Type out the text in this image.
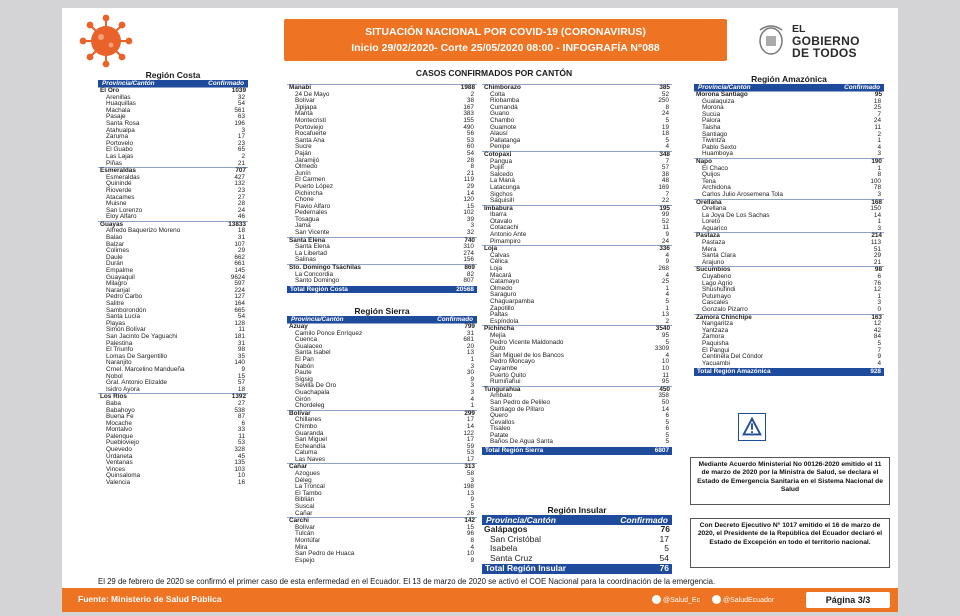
SITUACIÓN NACIONAL POR COVID-19 (CORONAVIRUS)
Inicio 29/02/2020- Corte 25/05/2020 08:00 - INFOGRAFÍA N°088
EL
GOBIERNO
DE TODOS
CASOS CONFIRMADOS POR CANTÓN
Región Costa
Provincia/Cantón	Confirmado
El Oro	1039
Arenillas	32
Huaquillas	54
Machala	561
Pasaje	63
Santa Rosa	196
Atahualpa	3
Zaruma	17
Portovelo	23
El Guabo	65
Las Lajas	2
Piñas	21
Esmeraldas	707
Esmeraldas	427
Quinindé	132
Rioverde	23
Atacames	27
Muisne	28
San Lorenzo	24
Eloy Alfaro	46
Guayas	13833
Alfredo Baquerizo Moreno	18
Balao	31
Balzar	107
Colimes	29
Daule	662
Durán	661
Empalme	145
Guayaquil	9624
Milagro	597
Naranjal	224
Pedro Carbo	127
Salitre	164
Samborondón	665
Santa Lucía	54
Playas	128
Simón Bolívar	11
San Jacinto De Yaguachi	181
Palestina	31
El Triunfo	98
Lomas De Sargentillo	35
Naranjito	140
Crnel. Marcelino Maridueña	9
Nobol	15
Gral. Antonio Elizalde	57
Isidro Ayora	18
Los Ríos	1392
Baba	27
Babahoyo	538
Buena Fe	87
Mocache	6
Montalvo	33
Palenque	11
Puebloviejo	53
Quevedo	328
Urdaneta	45
Ventanas	135
Vinces	103
Quinsaloma	10
Valencia	16
Manabí	1988
24 De Mayo	2
Bolívar	38
Jipijapa	167
Manta	383
Montecristi	155
Portoviejo	490
Rocafuerte	56
Santa Ana	53
Sucre	60
Paján	54
Jaramijó	28
Olmedo	8
Junín	21
El Carmen	119
Puerto López	29
Pichincha	14
Chone	120
Flavio Alfaro	15
Pedernales	102
Tosagua	39
Jama	3
San Vicente	32
Santa Elena	740
Santa Elena	310
La Libertad	274
Salinas	156
Sto. Domingo Tsáchilas	869
La Concordia	82
Santo Domingo	807
Total Región Costa	20568
Región Sierra
Provincia/Cantón	Confirmado
Azuay	799
Camilo Ponce Enríquez	31
Cuenca	681
Gualaceo	20
Santa Isabel	13
El Pan	1
Nabón	3
Paute	30
Sígsig	9
Sevilla De Oro	3
Guachapala	3
Girón	4
Chordeleg	1
Bolívar	299
Chillanes	17
Chimbo	14
Guaranda	122
San Miguel	17
Echeandía	59
Caluma	53
Las Naves	17
Cañar	313
Azogues	58
Déleg	3
La Troncal	198
El Tambo	13
Biblián	9
Suscal	5
Cañar	26
Carchi	142
Bolívar	15
Tulcán	96
Montúfar	8
Mira	4
San Pedro de Huaca	10
Espejo	9
Chimborazo	385
Colta	52
Riobamba	250
Cumandá	8
Guano	24
Chambo	5
Guamote	19
Alausí	18
Pallatanga	5
Penipe	4
Cotopaxi	348
Pangua	7
Pujilí	57
Salcedo	38
La Maná	48
Latacunga	169
Sigchos	7
Saquisilí	22
Imbabura	195
Ibarra	99
Otavalo	52
Cotacachi	11
Antonio Ante	9
Pimampiro	24
Loja	336
Calvas	4
Célica	9
Loja	268
Macará	4
Catamayo	25
Olmedo	1
Saraguro	4
Chaguarpamba	5
Zapotillo	1
Paltas	13
Espíndola	2
Pichincha	3540
Mejía	95
Pedro Vicente Maldonado	5
Quito	3309
San Miguel de los Bancos	4
Pedro Moncayo	10
Cayambe	10
Puerto Quito	11
Rumiñahui	95
Tungurahua	450
Ambato	358
San Pedro de Pelileo	50
Santiago de Píllaro	14
Quero	6
Cevallos	5
Tisaleo	6
Patate	5
Baños De Agua Santa	5
Total Región Sierra	6807
Región Insular
Provincia/Cantón	Confirmado
Galápagos	76
San Cristóbal	17
Isabela	5
Santa Cruz	54
Total Región Insular	76
Región Amazónica
Provincia/Cantón	Confirmado
Morona Santiago	95
Gualaquiza	18
Morona	25
Sucúa	7
Palora	24
Taisha	11
Santiago	2
Tiwintza	1
Pablo Sexto	4
Huamboya	3
Napo	190
El Chaco	1
Quijos	8
Tena	100
Archidona	78
Carlos Julio Arosemena Tola	3
Orellana	168
Orellana	150
La Joya De Los Sachas	14
Loreto	1
Aguarico	3
Pastaza	214
Pastaza	113
Mera	51
Santa Clara	29
Arajuno	21
Sucumbíos	98
Cuyabeno	6
Lago Agrio	76
Shushufindi	12
Putumayo	1
Cascales	3
Gonzalo Pizarro	0
Zamora Chinchipe	163
Nangaritza	12
Yantzaza	42
Zamora	84
Paquisha	5
El Pangui	7
Centinela Del Cóndor	9
Yacuambi	4
Total Región Amazónica	928
Mediante Acuerdo Ministerial No 00126-2020 emitido el 11 de marzo de 2020 por la Ministra de Salud, se declara el Estado de Emergencia Sanitaria en el Sistema Nacional de Salud
Con Decreto Ejecutivo N° 1017 emitido el 16 de marzo de 2020, el Presidente de la República del Ecuador declaró el Estado de Excepción en todo el territorio nacional.
El 29 de febrero de 2020 se confirmó el primer caso de esta enfermedad en el Ecuador. El 13 de marzo de 2020 se activó el COE Nacional para la coordinación de la emergencia.
Fuente: Ministerio de Salud Pública	@Salud_Ec	@SaludEcuador	Página 3/3
